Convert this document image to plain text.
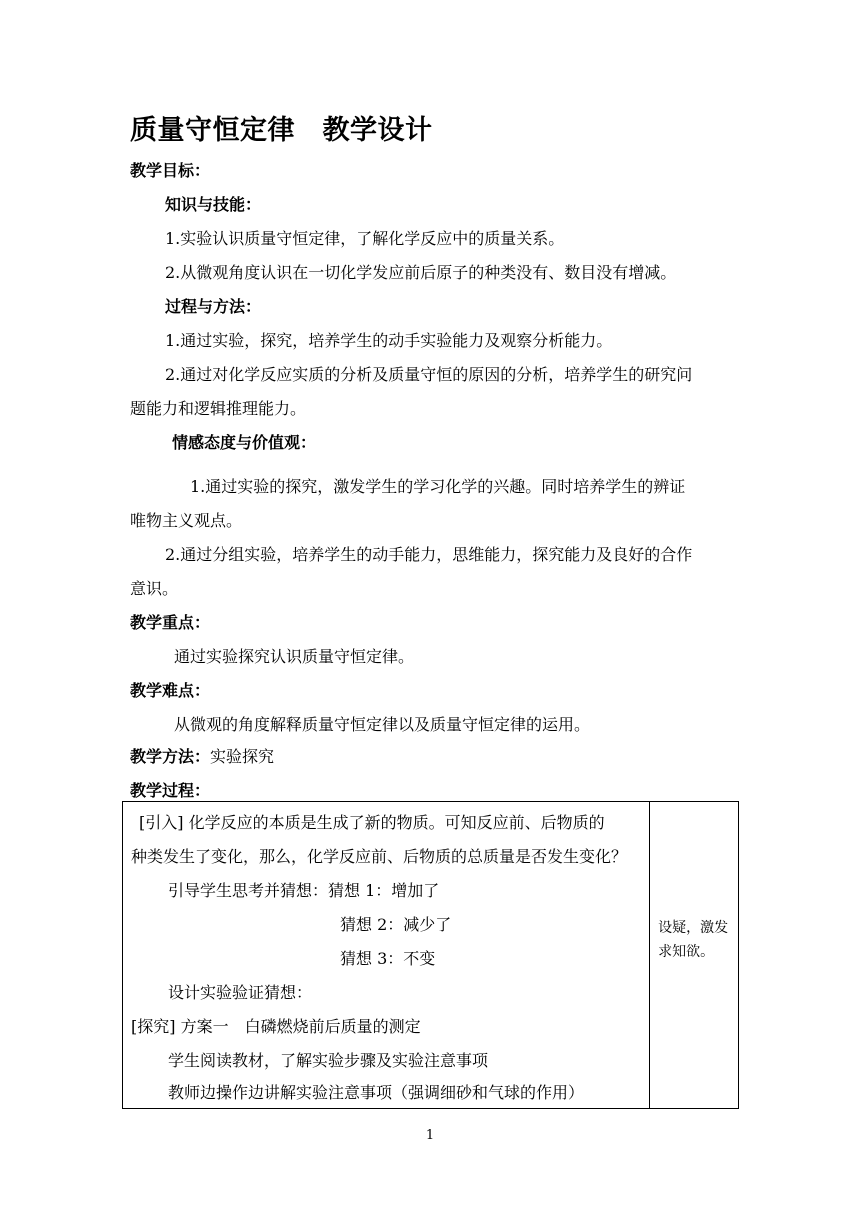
质量守恒定律　教学设计
教学目标：
知识与技能：
1.实验认识质量守恒定律，了解化学反应中的质量关系。
2.从微观角度认识在一切化学发应前后原子的种类没有、数目没有增减。
过程与方法：
1.通过实验，探究，培养学生的动手实验能力及观察分析能力。
2.通过对化学反应实质的分析及质量守恒的原因的分析，培养学生的研究问
题能力和逻辑推理能力。
情感态度与价值观：
1.通过实验的探究，激发学生的学习化学的兴趣。同时培养学生的辨证
唯物主义观点。
2.通过分组实验，培养学生的动手能力，思维能力，探究能力及良好的合作
意识。
教学重点：
通过实验探究认识质量守恒定律。
教学难点：
从微观的角度解释质量守恒定律以及质量守恒定律的运用。
教学方法：实验探究
教学过程：
[引入] 化学反应的本质是生成了新的物质。可知反应前、后物质的
种类发生了变化，那么，化学反应前、后物质的总质量是否发生变化？
引导学生思考并猜想：猜想 1：增加了
猜想 2：减少了
猜想 3：不变
设计实验验证猜想：
[探究] 方案一　白磷燃烧前后质量的测定
学生阅读教材，了解实验步骤及实验注意事项
教师边操作边讲解实验注意事项（强调细砂和气球的作用）

设疑，激发求知欲。
1
